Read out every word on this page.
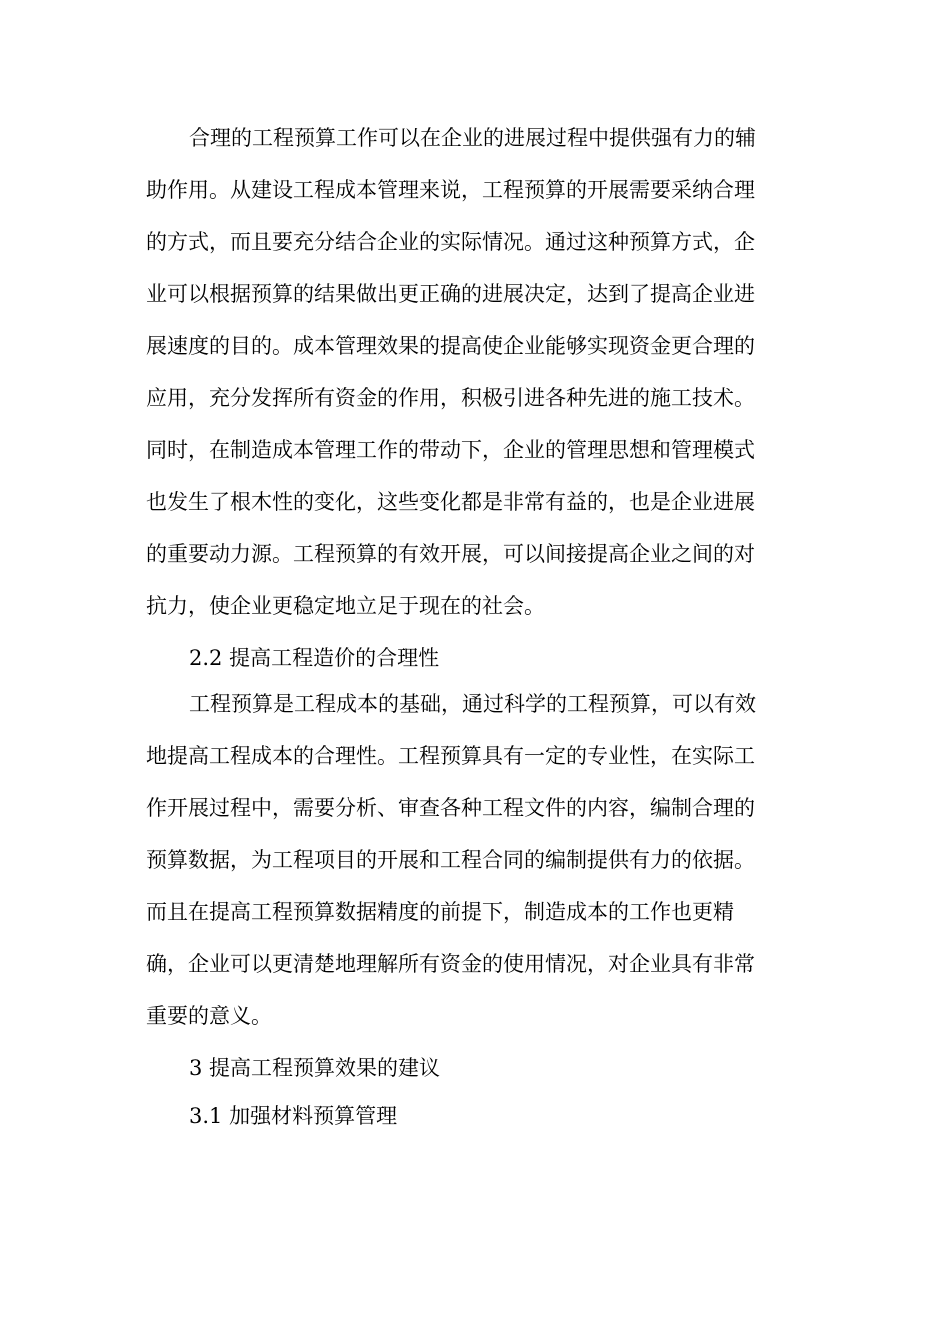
合理的工程预算工作可以在企业的进展过程中提供强有力的辅
助作用。从建设工程成本管理来说，工程预算的开展需要采纳合理
的方式，而且要充分结合企业的实际情况。通过这种预算方式，企
业可以根据预算的结果做出更正确的进展决定，达到了提高企业进
展速度的目的。成本管理效果的提高使企业能够实现资金更合理的
应用，充分发挥所有资金的作用，积极引进各种先进的施工技术。
同时，在制造成本管理工作的带动下，企业的管理思想和管理模式
也发生了根木性的变化，这些变化都是非常有益的，也是企业进展
的重要动力源。工程预算的有效开展，可以间接提高企业之间的对
抗力，使企业更稳定地立足于现在的社会。
2.2 提高工程造价的合理性
工程预算是工程成本的基础，通过科学的工程预算，可以有效
地提高工程成本的合理性。工程预算具有一定的专业性，在实际工
作开展过程中，需要分析、审查各种工程文件的内容，编制合理的
预算数据，为工程项目的开展和工程合同的编制提供有力的依据。
而且在提高工程预算数据精度的前提下，制造成本的工作也更精
确，企业可以更清楚地理解所有资金的使用情况，对企业具有非常
重要的意义。
3 提高工程预算效果的建议
3.1 加强材料预算管理
